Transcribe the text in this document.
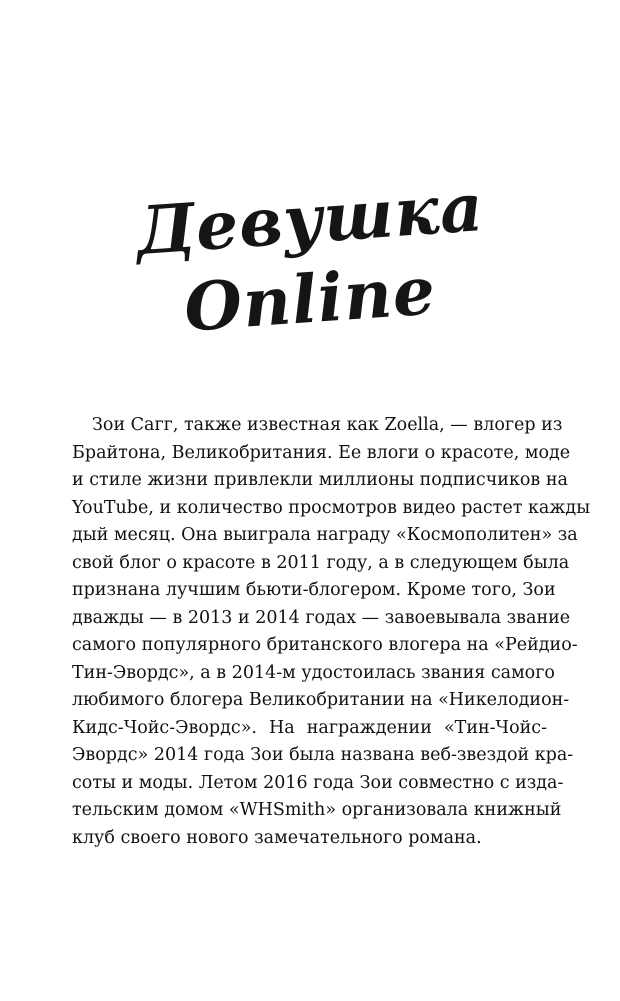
Девушка
Online
Зои Сагг, также известная как Zoella, — влогер из
Брайтона, Великобритания. Ее влоги о красоте, моде
и стиле жизни привлекли миллионы подписчиков на
YouTube, и количество просмотров видео растет кажды
дый месяц. Она выиграла награду «Космополитен» за
свой блог о красоте в 2011 году, а в следующем была
признана лучшим бьюти-блогером. Кроме того, Зои
дважды — в 2013 и 2014 годах — завоевывала звание
самого популярного британского влогера на «Рейдио-
Тин-Эвордс», а в 2014-м удостоилась звания самого
любимого блогера Великобритании на «Никелодион-
Кидс-Чойс-Эвордс». На награждении «Тин-Чойс-
Эвордс» 2014 года Зои была названа веб-звездой кра-
соты и моды. Летом 2016 года Зои совместно с изда-
тельским домом «WHSmith» организовала книжный
клуб своего нового замечательного романа.
